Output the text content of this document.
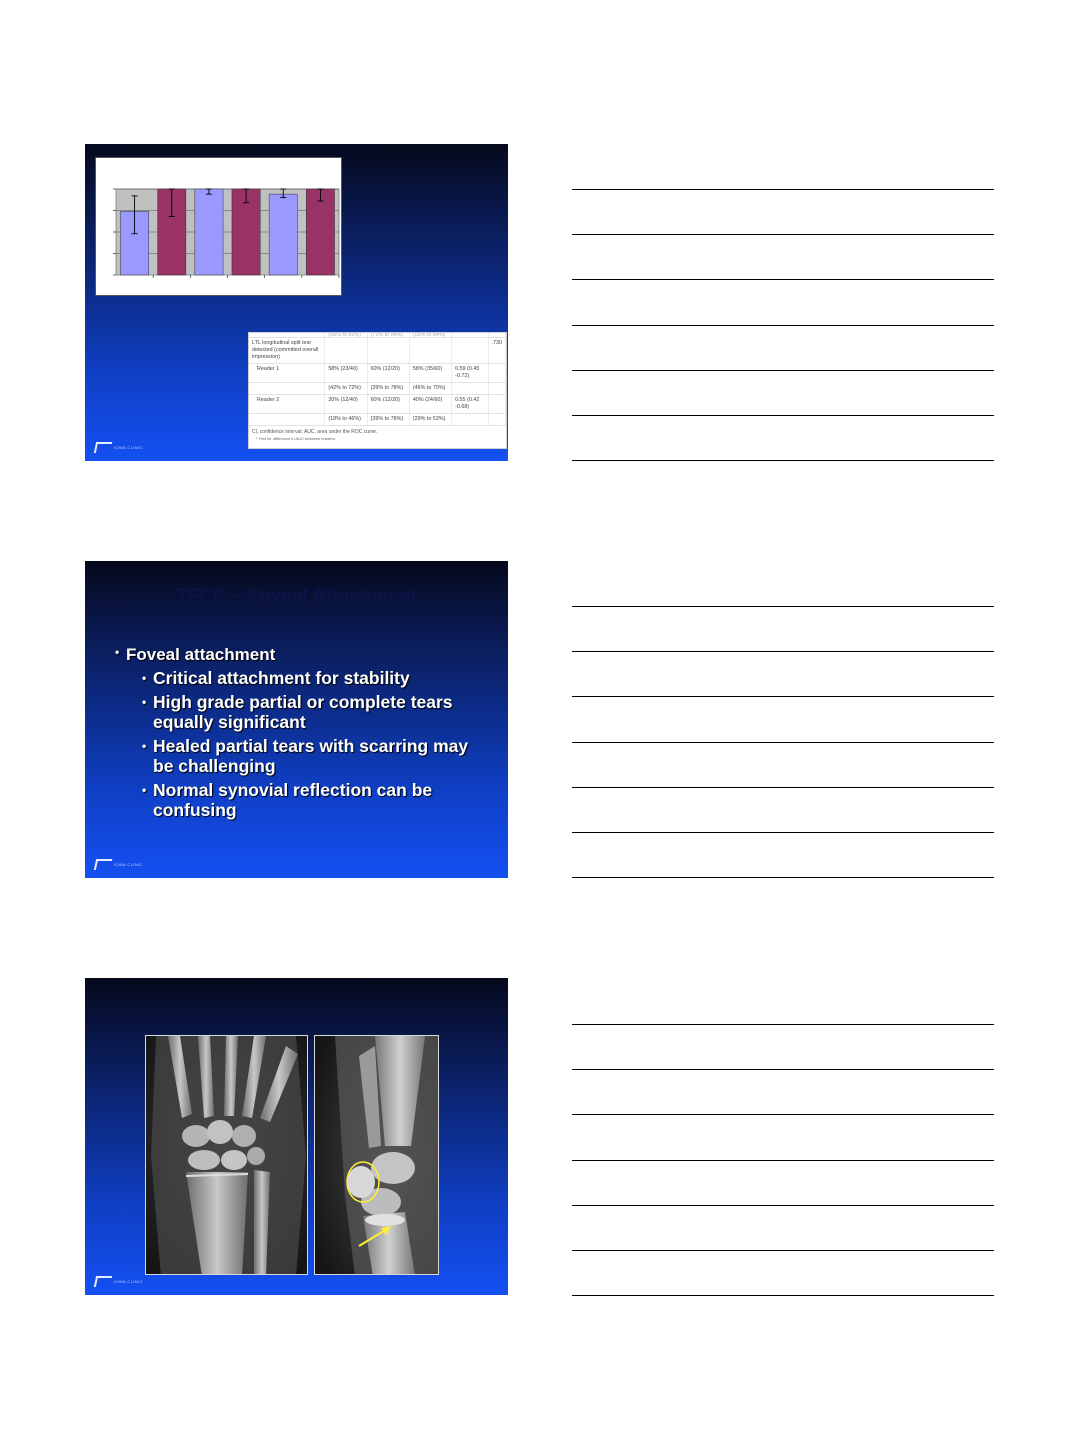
	(55% to 81%)	(71% to 94%)	(65% to 84%)		
LTL longitudinal split tear detected (committed overall impression)					.730
Reader 1	58% (23/40)	60% (12/20)	58% (35/60)	0.59 (0.45 -0.72)	
	(42% to 72%)	(39% to 78%)	(46% to 70%)		
Reader 2	30% (12/40)	60% (12/20)	40% (24/60)	0.55 (0.42 -0.68)	
	(18% to 46%)	(39% to 78%)	(29% to 53%)		
CI, confidence interval; AUC, area under the ROC curve.
* Test for difference in AUC between readers.
IOWA CLINIC
TFCC – Foveal Attachment
• Foveal attachment
• Critical attachment for stability
• High grade partial or complete tears equally significant
• Healed partial tears with scarring may be challenging
• Normal synovial reflection can be confusing
IOWA CLINIC
IOWA CLINIC
